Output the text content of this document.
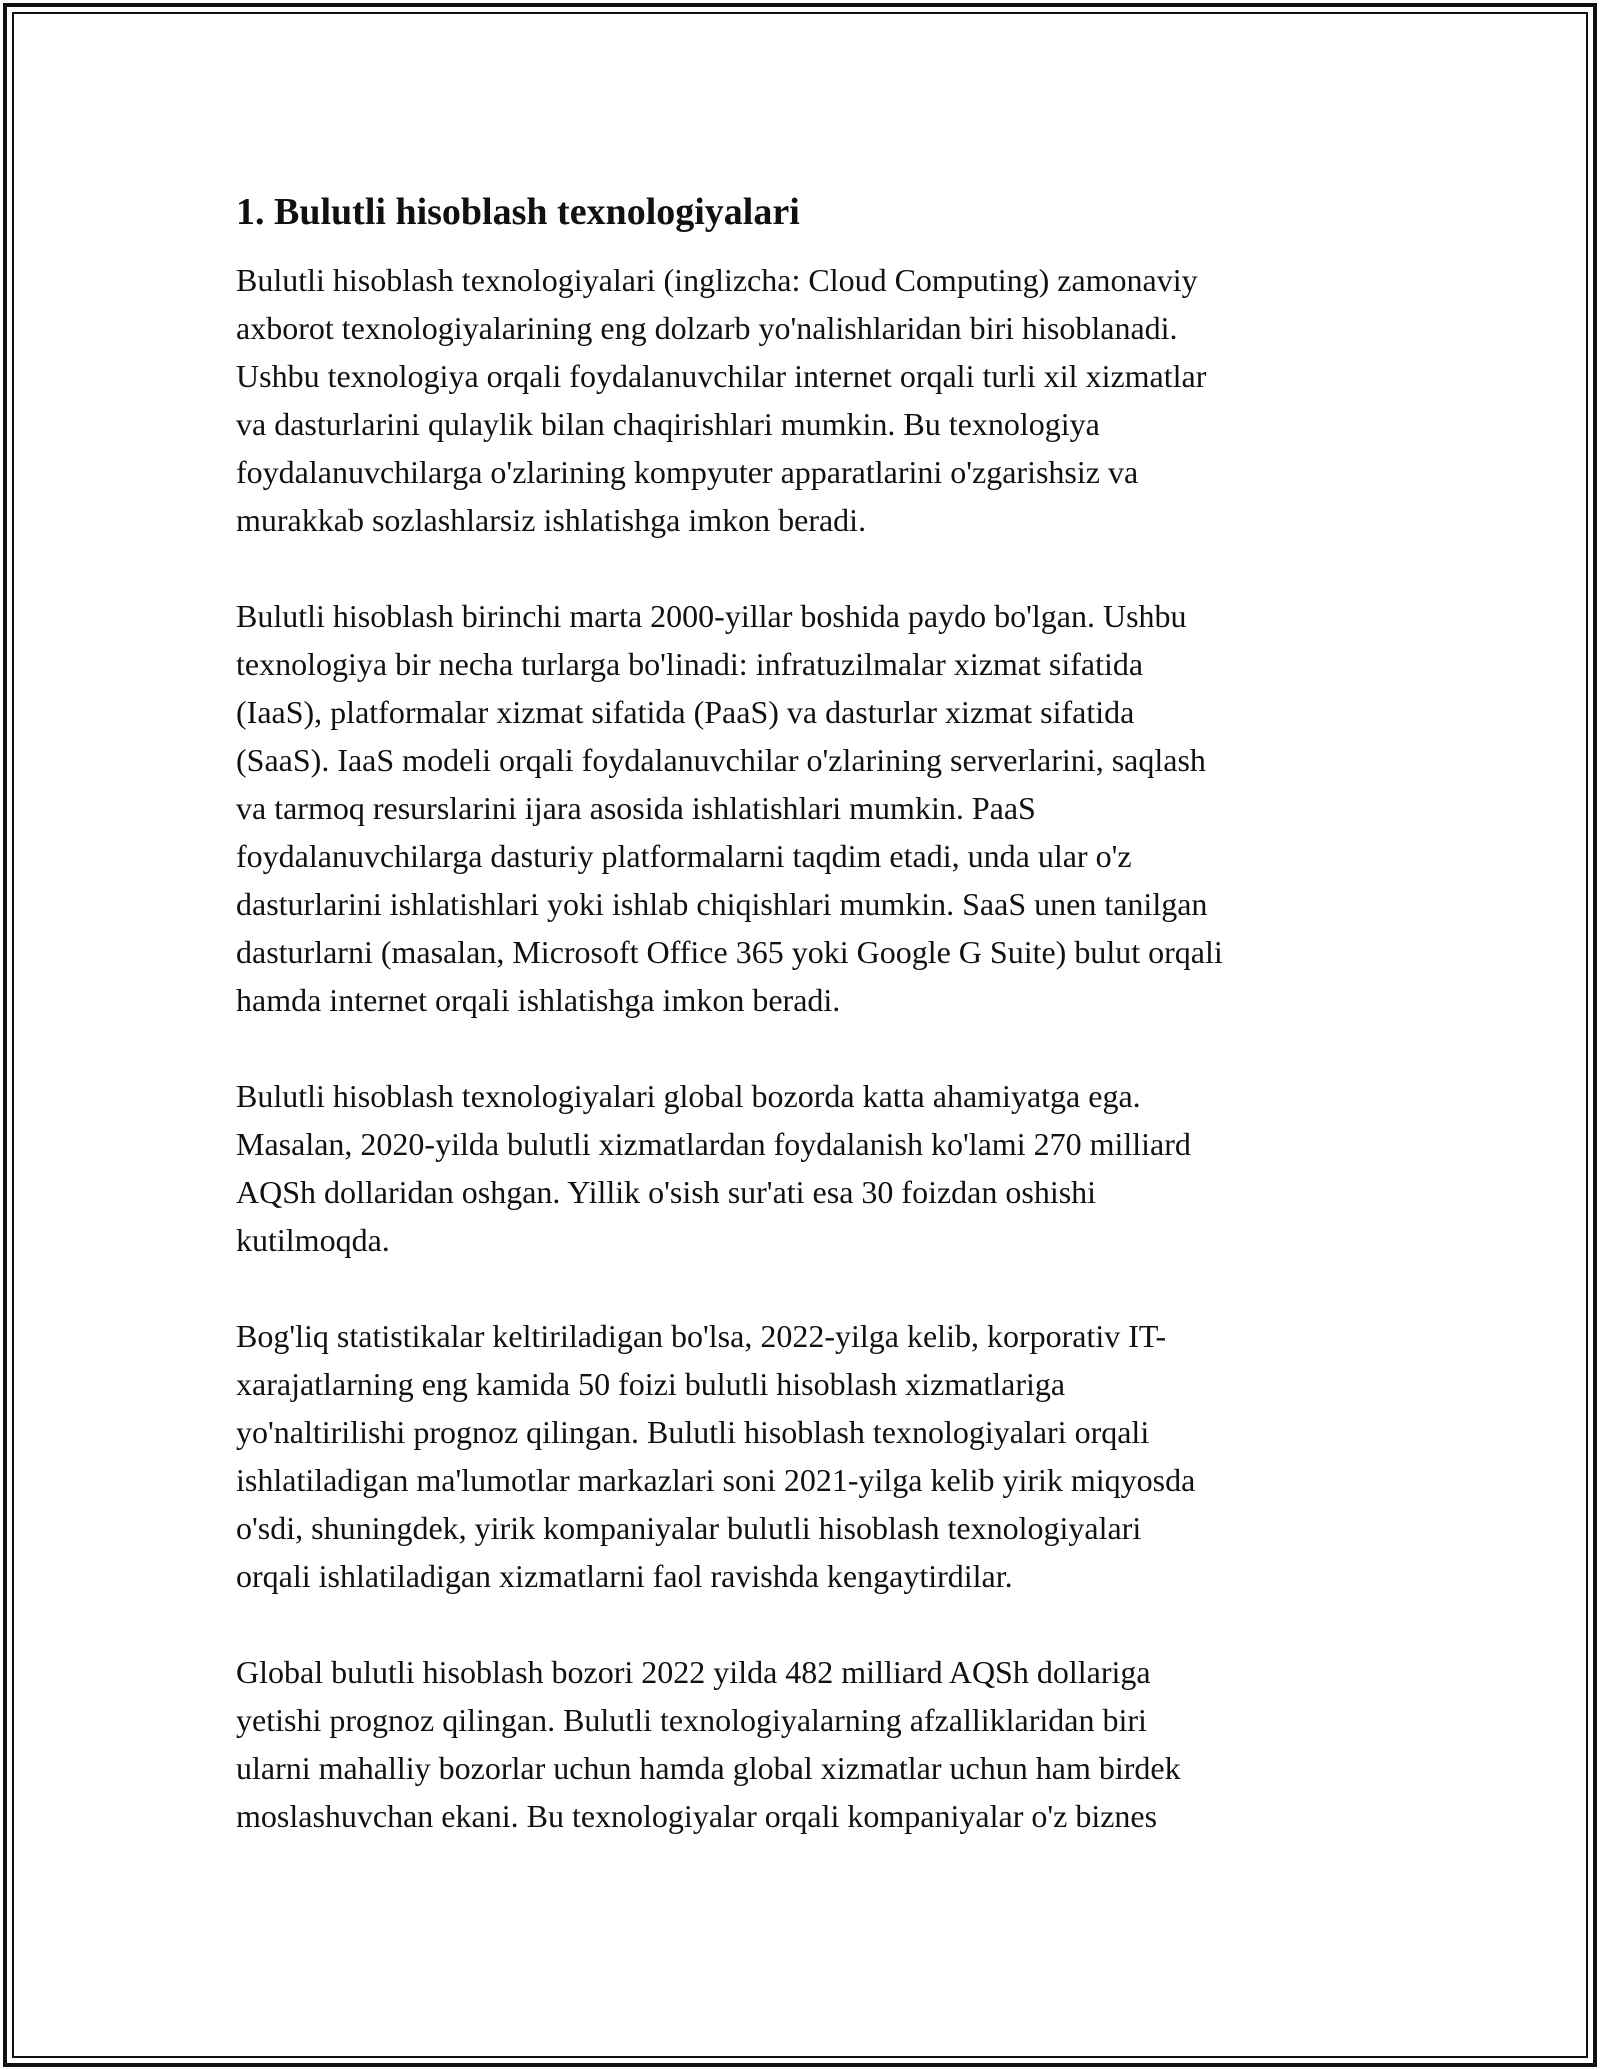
1. Bulutli hisoblash texnologiyalari

Bulutli hisoblash texnologiyalari (inglizcha: Cloud Computing) zamonaviy
axborot texnologiyalarining eng dolzarb yo'nalishlaridan biri hisoblanadi.
Ushbu texnologiya orqali foydalanuvchilar internet orqali turli xil xizmatlar
va dasturlarini qulaylik bilan chaqirishlari mumkin. Bu texnologiya
foydalanuvchilarga o'zlarining kompyuter apparatlarini o'zgarishsiz va
murakkab sozlashlarsiz ishlatishga imkon beradi.

Bulutli hisoblash birinchi marta 2000-yillar boshida paydo bo'lgan. Ushbu
texnologiya bir necha turlarga bo'linadi: infratuzilmalar xizmat sifatida
(IaaS), platformalar xizmat sifatida (PaaS) va dasturlar xizmat sifatida
(SaaS). IaaS modeli orqali foydalanuvchilar o'zlarining serverlarini, saqlash
va tarmoq resurslarini ijara asosida ishlatishlari mumkin. PaaS
foydalanuvchilarga dasturiy platformalarni taqdim etadi, unda ular o'z
dasturlarini ishlatishlari yoki ishlab chiqishlari mumkin. SaaS unen tanilgan
dasturlarni (masalan, Microsoft Office 365 yoki Google G Suite) bulut orqali
hamda internet orqali ishlatishga imkon beradi.

Bulutli hisoblash texnologiyalari global bozorda katta ahamiyatga ega.
Masalan, 2020-yilda bulutli xizmatlardan foydalanish ko'lami 270 milliard
AQSh dollaridan oshgan. Yillik o'sish sur'ati esa 30 foizdan oshishi
kutilmoqda.

Bog'liq statistikalar keltiriladigan bo'lsa, 2022-yilga kelib, korporativ IT-
xarajatlarning eng kamida 50 foizi bulutli hisoblash xizmatlariga
yo'naltirilishi prognoz qilingan. Bulutli hisoblash texnologiyalari orqali
ishlatiladigan ma'lumotlar markazlari soni 2021-yilga kelib yirik miqyosda
o'sdi, shuningdek, yirik kompaniyalar bulutli hisoblash texnologiyalari
orqali ishlatiladigan xizmatlarni faol ravishda kengaytirdilar.

Global bulutli hisoblash bozori 2022 yilda 482 milliard AQSh dollariga
yetishi prognoz qilingan. Bulutli texnologiyalarning afzalliklaridan biri
ularni mahalliy bozorlar uchun hamda global xizmatlar uchun ham birdek
moslashuvchan ekani. Bu texnologiyalar orqali kompaniyalar o'z biznes
